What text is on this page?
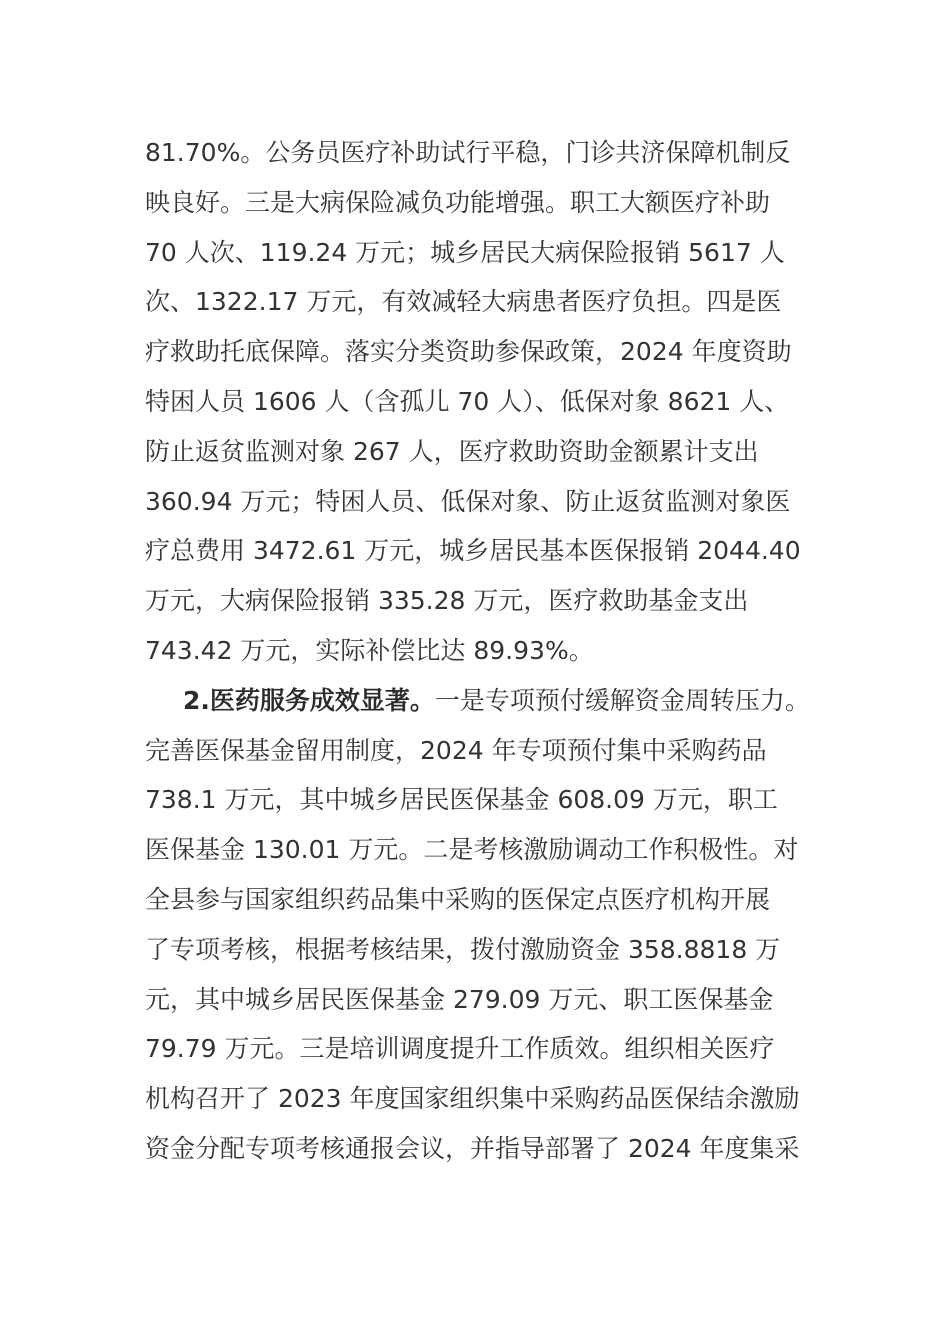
81.70%。公务员医疗补助试行平稳，门诊共济保障机制反
映良好。三是大病保险减负功能增强。职工大额医疗补助
70 人次、119.24 万元；城乡居民大病保险报销 5617 人
次、1322.17 万元，有效减轻大病患者医疗负担。四是医
疗救助托底保障。落实分类资助参保政策，2024 年度资助
特困人员 1606 人（含孤儿 70 人）、低保对象 8621 人、
防止返贫监测对象 267 人，医疗救助资助金额累计支出
360.94 万元；特困人员、低保对象、防止返贫监测对象医
疗总费用 3472.61 万元，城乡居民基本医保报销 2044.40
万元，大病保险报销 335.28 万元，医疗救助基金支出
743.42 万元，实际补偿比达 89.93%。
2.医药服务成效显著。一是专项预付缓解资金周转压力。
完善医保基金留用制度，2024 年专项预付集中采购药品
738.1 万元，其中城乡居民医保基金 608.09 万元，职工
医保基金 130.01 万元。二是考核激励调动工作积极性。对
全县参与国家组织药品集中采购的医保定点医疗机构开展
了专项考核，根据考核结果，拨付激励资金 358.8818 万
元，其中城乡居民医保基金 279.09 万元、职工医保基金
79.79 万元。三是培训调度提升工作质效。组织相关医疗
机构召开了 2023 年度国家组织集中采购药品医保结余激励
资金分配专项考核通报会议，并指导部署了 2024 年度集采
